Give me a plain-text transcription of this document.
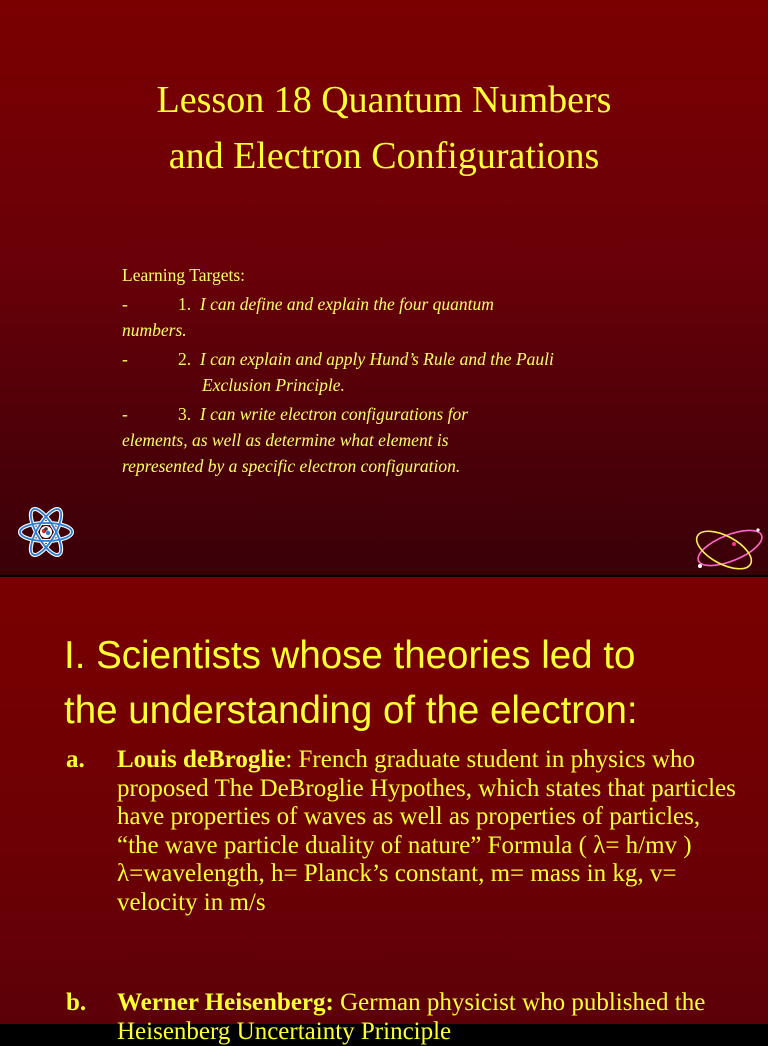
Lesson 18 Quantum Numbers
and Electron Configurations
Learning Targets:
-	1. I can define and explain the four quantum
numbers.
-	2. I can explain and apply Hund’s Rule and the Pauli

Exclusion Principle.
-	3. I can write electron configurations for
elements, as well as determine what element is
represented by a specific electron configuration.
I. Scientists whose theories led to
the understanding of the electron:
a. Louis deBroglie: French graduate student in physics who proposed The DeBroglie Hypothes, which states that particles have properties of waves as well as properties of particles, “the wave particle duality of nature” Formula ( λ= h/mv ) λ=wavelength, h= Planck’s constant, m= mass in kg, v= velocity in m/s
b. Werner Heisenberg: German physicist who published the Heisenberg Uncertainty Principle
